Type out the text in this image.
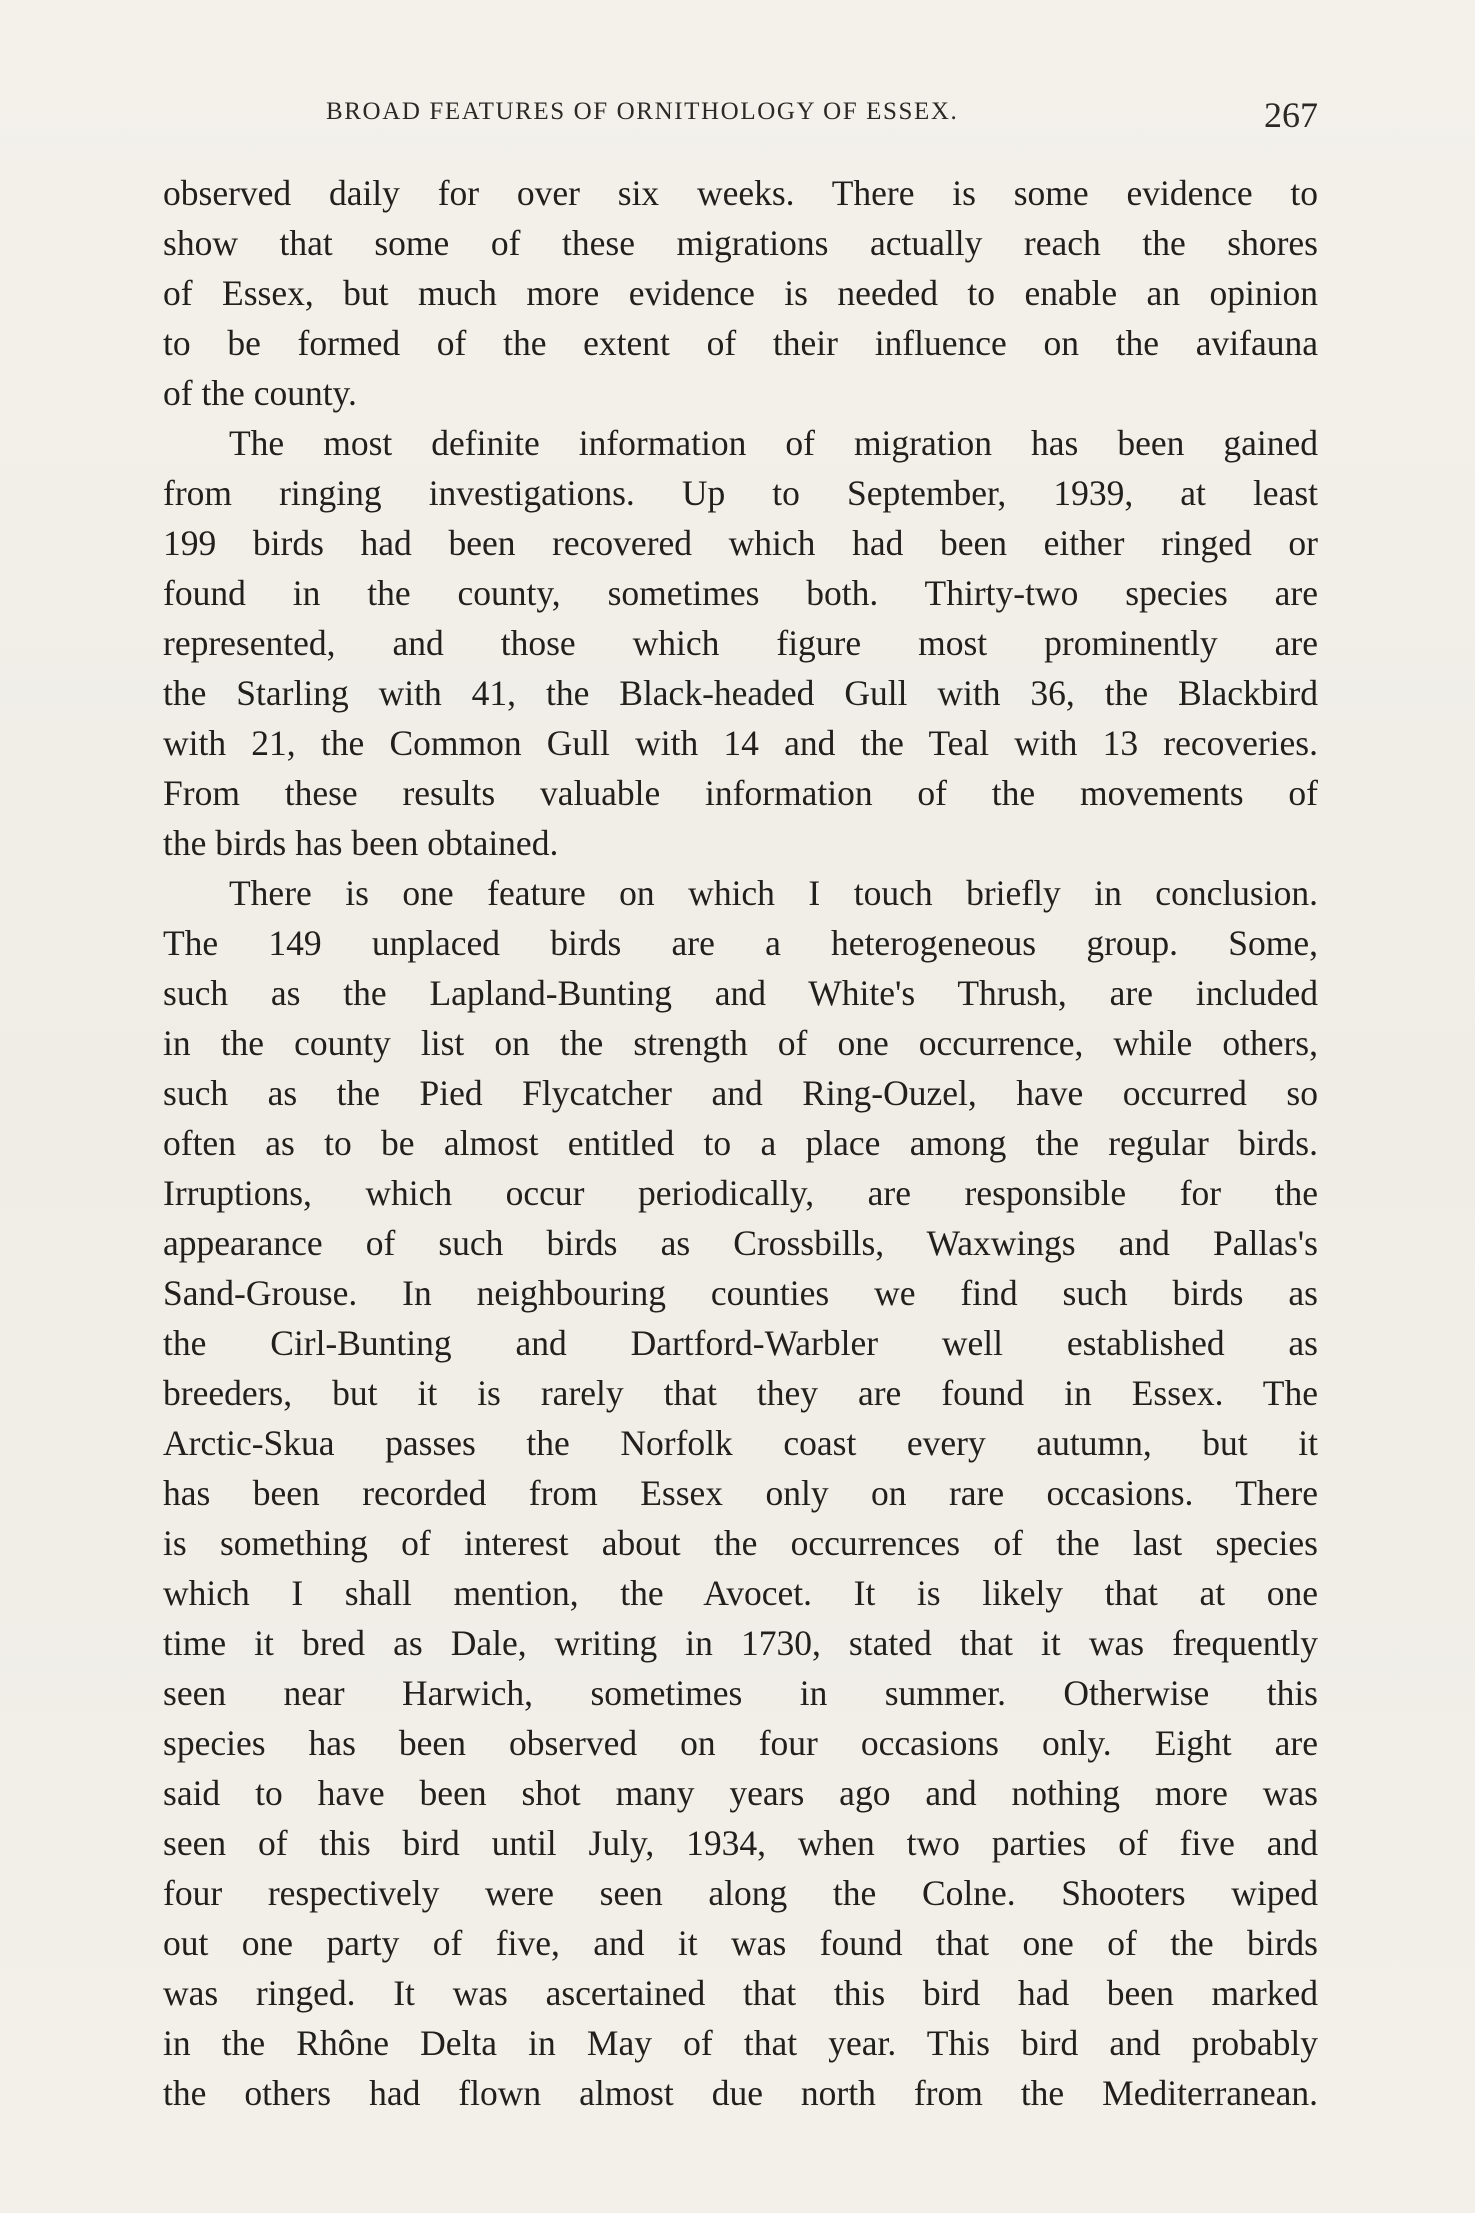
BROAD FEATURES OF ORNITHOLOGY OF ESSEX.	267
observed daily for over six weeks. There is some evidence to
show that some of these migrations actually reach the shores
of Essex, but much more evidence is needed to enable an opinion
to be formed of the extent of their influence on the avifauna
of the county.
The most definite information of migration has been gained
from ringing investigations. Up to September, 1939, at least
199 birds had been recovered which had been either ringed or
found in the county, sometimes both. Thirty-two species are
represented, and those which figure most prominently are
the Starling with 41, the Black-headed Gull with 36, the Blackbird
with 21, the Common Gull with 14 and the Teal with 13 recoveries.
From these results valuable information of the movements of
the birds has been obtained.
There is one feature on which I touch briefly in conclusion.
The 149 unplaced birds are a heterogeneous group. Some,
such as the Lapland-Bunting and White's Thrush, are included
in the county list on the strength of one occurrence, while others,
such as the Pied Flycatcher and Ring-Ouzel, have occurred so
often as to be almost entitled to a place among the regular birds.
Irruptions, which occur periodically, are responsible for the
appearance of such birds as Crossbills, Waxwings and Pallas's
Sand-Grouse. In neighbouring counties we find such birds as
the Cirl-Bunting and Dartford-Warbler well established as
breeders, but it is rarely that they are found in Essex. The
Arctic-Skua passes the Norfolk coast every autumn, but it
has been recorded from Essex only on rare occasions. There
is something of interest about the occurrences of the last species
which I shall mention, the Avocet. It is likely that at one
time it bred as Dale, writing in 1730, stated that it was frequently
seen near Harwich, sometimes in summer. Otherwise this
species has been observed on four occasions only. Eight are
said to have been shot many years ago and nothing more was
seen of this bird until July, 1934, when two parties of five and
four respectively were seen along the Colne. Shooters wiped
out one party of five, and it was found that one of the birds
was ringed. It was ascertained that this bird had been marked
in the Rhône Delta in May of that year. This bird and probably
the others had flown almost due north from the Mediterranean.
